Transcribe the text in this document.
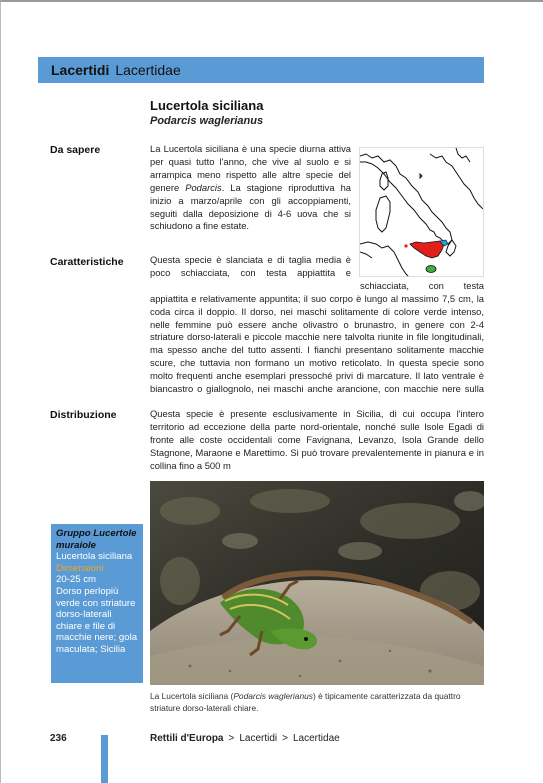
Lacertidi Lacertidae
Lucertola siciliana
Podarcis waglerianus
Da sapere	La Lucertola siciliana è una specie diurna attiva per quasi tutto l'anno, che vive al suolo e si arrampica meno rispetto alle altre specie del genere Podarcis. La stagione riproduttiva ha inizio a marzo/aprile con gli accoppiamenti, seguiti dalla deposizione di 4-6 uova che si schiudono a fine estate.
Caratteristiche	Questa specie è slanciata e di taglia media è poco schiacciata, con testa appiattita e
schiacciata, con testa appiattita e relativamente appuntita; il suo corpo è lungo al massimo 7,5 cm, la coda circa il doppio. Il dorso, nei maschi solitamente di colore verde intenso, nelle femmine può essere anche olivastro o brunastro, in genere con 2-4 striature dorso-laterali e piccole macchie nere talvolta riunite in file longitudinali, ma spesso anche del tutto assenti. I fianchi presentano solitamente macchie scure, che tuttavia non formano un motivo reticolato. In questa specie sono molto frequenti anche esemplari pressoché privi di marcature. Il lato ventrale è biancastro o giallognolo, nei maschi anche arancione, con macchie nere sulla
Distribuzione	Questa specie è presente esclusivamente in Sicilia, di cui occupa l'intero territorio ad eccezione della parte nord-orientale, nonché sulle Isole Egadi di fronte alle coste occidentali come Favignana, Levanzo, Isola Grande dello Stagnone, Maraone e Marettimo. Si può trovare prevalentemente in pianura e in collina fino a 500 m
La Lucertola siciliana (Podarcis waglerianus) è tipicamente caratterizzata da quattro striature dorso-laterali chiare.
Gruppo Lucertole muraiole
Lucertola siciliana
Dimensioni
20-25 cm
Dorso perlopiù verde con striature dorso-laterali chiare e file di macchie nere; gola maculata; Sicilia
236	Rettili d'Europa > Lacertidi > Lacertidae
